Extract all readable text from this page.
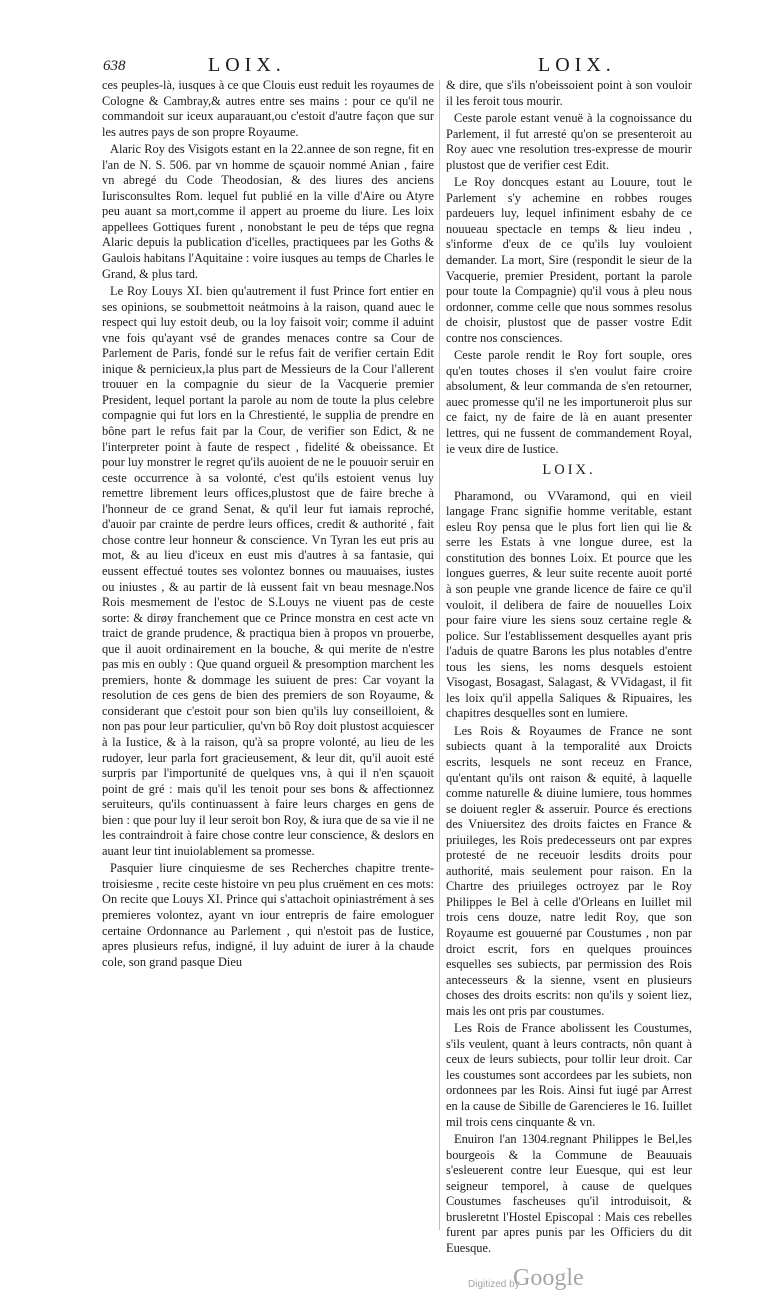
638	LOIX.	LOIX.

ces peuples-là, iusques à ce que Clouis eust reduit les royaumes de Cologne & Cambray,& autres entre ses mains : pour ce qu'il ne commandoit sur iceux auparauant,ou c'estoit d'autre façon que sur les autres pays de son propre Royaume.

Alaric Roy des Visigots estant en la 22.annee de son regne, fit en l'an de N. S. 506. par vn homme de sçauoir nommé Anian , faire vn abregé du Code Theodosian, & des liures des anciens Iurisconsultes Rom. lequel fut publié en la ville d'Aire ou Atyre peu auant sa mort,comme il appert au proeme du liure. Les loix appellees Gottiques furent , nonobstant le peu de téps que regna Alaric depuis la publication d'icelles, practiquees par les Goths & Gaulois habitans l'Aquitaine : voire iusques au temps de Charles le Grand, & plus tard.

Le Roy Louys XI. bien qu'autrement il fust Prince fort entier en ses opinions, se soubmettoit neátmoins à la raison, quand auec le respect qui luy estoit deub, ou la loy faisoit voir; comme il aduint vne fois qu'ayant vsé de grandes menaces contre sa Cour de Parlement de Paris, fondé sur le refus fait de verifier certain Edit inique & pernicieux,la plus part de Messieurs de la Cour l'allerent trouuer en la compagnie du sieur de la Vacquerie premier President, lequel portant la parole au nom de toute la plus celebre compagnie qui fut lors en la Chrestienté, le supplia de prendre en bône part le refus fait par la Cour, de verifier son Edict, & ne l'interpreter point à faute de respect , fidelité & obeissance. Et pour luy monstrer le regret qu'ils auoient de ne le pouuoir seruir en ceste occurrence à sa volonté, c'est qu'ils estoient venus luy remettre librement leurs offices,plustost que de faire breche à l'honneur de ce grand Senat, & qu'il leur fut iamais reproché, d'auoir par crainte de perdre leurs offices, credit & authorité , fait chose contre leur honneur & conscience. Vn Tyran les eut pris au mot, & au lieu d'iceux en eust mis d'autres à sa fantasie, qui eussent effectué toutes ses volontez bonnes ou mauuaises, iustes ou iniustes , & au partir de là eussent fait vn beau mesnage.Nos Rois mesmement de l'estoc de S.Louys ne viuent pas de ceste sorte: & dirøy franchement que ce Prince monstra en cest acte vn traict de grande prudence, & practiqua bien à propos vn prouerbe, que il auoit ordinairement en la bouche, & qui merite de n'estre pas mis en oubly : Que quand orgueil & presomption marchent les premiers, honte & dommage les suiuent de pres: Car voyant la resolution de ces gens de bien des premiers de son Royaume, & considerant que c'estoit pour son bien qu'ils luy conseilloient, & non pas pour leur particulier, qu'vn bô Roy doit plustost acquiescer à la Iustice, & à la raison, qu'à sa propre volonté, au lieu de les rudoyer, leur parla fort gracieusement, & leur dit, qu'il auoit esté surpris par l'importunité de quelques vns, à qui il n'en sçauoit point de gré : mais qu'il les tenoit pour ses bons & affectionnez seruiteurs, qu'ils continuassent à faire leurs charges en gens de bien : que pour luy il leur seroit bon Roy, & iura que de sa vie il ne les contraindroit à faire chose contre leur conscience, & deslors en auant leur tint inuiolablement sa promesse.

Pasquier liure cinquiesme de ses Recherches chapitre trente-troisiesme , recite ceste histoire vn peu plus cruëment en ces mots: On recite que Louys XI. Prince qui s'attachoit opiniastrément à ses premieres volontez, ayant vn iour entrepris de faire emologuer certaine Ordonnance au Parlement , qui n'estoit pas de Iustice, apres plusieurs refus, indigné, il luy aduint de iurer à la chaude cole, son grand pasque Dieu

& dire, que s'ils n'obeissoient point à son vouloir il les feroit tous mourir.

Ceste parole estant venuë à la cognoissance du Parlement, il fut arresté qu'on se presenteroit au Roy auec vne resolution tres-expresse de mourir plustost que de verifier cest Edit.

Le Roy doncques estant au Louure, tout le Parlement s'y achemine en robbes rouges pardeuers luy, lequel infiniment esbahy de ce nouueau spectacle en temps & lieu indeu , s'informe d'eux de ce qu'ils luy vouloient demander. La mort, Sire (respondit le sieur de la Vacquerie, premier President, portant la parole pour toute la Compagnie) qu'il vous à pleu nous ordonner, comme celle que nous sommes resolus de choisir, plustost que de passer vostre Edit contre nos consciences.

Ceste parole rendit le Roy fort souple, ores qu'en toutes choses il s'en voulut faire croire absolument, & leur commanda de s'en retourner, auec promesse qu'il ne les importuneroit plus sur ce faict, ny de faire de là en auant presenter lettres, qui ne fussent de commandement Royal, ie veux dire de Iustice.

LOIX.

Pharamond, ou VVaramond, qui en vieil langage Franc signifie homme veritable, estant esleu Roy pensa que le plus fort lien qui lie & serre les Estats à vne longue duree, est la constitution des bonnes Loix. Et pource que les longues guerres, & leur suite recente auoit porté à son peuple vne grande licence de faire ce qu'il vouloit, il delibera de faire de nouuelles Loix pour faire viure les siens souz certaine regle & police. Sur l'establissement desquelles ayant pris l'aduis de quatre Barons les plus notables d'entre tous les siens, les noms desquels estoient Visogast, Bosagast, Salagast, & VVidagast, il fit les loix qu'il appella Saliques & Ripuaires, les chapitres desquelles sont en lumiere.

Les Rois & Royaumes de France ne sont subiects quant à la temporalité aux Droicts escrits, lesquels ne sont receuz en France, qu'entant qu'ils ont raison & equité, à laquelle comme naturelle & diuine lumiere, tous hommes se doiuent regler & asseruir. Pource és erections des Vniuersitez des droits faictes en France & priuileges, les Rois predecesseurs ont par expres protesté de ne receuoir lesdits droits pour authorité, mais seulement pour raison. En la Chartre des priuileges octroyez par le Roy Philippes le Bel à celle d'Orleans en Iuillet mil trois cens douze, natre ledit Roy, que son Royaume est gouuerné par Coustumes , non par droict escrit, fors en quelques prouinces esquelles ses subiects, par permission des Rois antecesseurs & la sienne, vsent en plusieurs choses des droits escrits: non qu'ils y soient liez, mais les ont pris par coustumes.

Les Rois de France abolissent les Coustumes, s'ils veulent, quant à leurs contracts, nôn quant à ceux de leurs subiects, pour tollir leur droit. Car les coustumes sont accordees par les subiets, non ordonnees par les Rois. Ainsi fut iugé par Arrest en la cause de Sibille de Garencieres le 16. Iuillet mil trois cens cinquante & vn.

Enuiron l'an 1304.regnant Philippes le Bel,les bourgeois & la Commune de Beauuais s'esleuerent contre leur Euesque, qui est leur seigneur temporel, à cause de quelques Coustumes fascheuses qu'il introduisoit, & brusleretnt l'Hostel Episcopal : Mais ces rebelles furent par apres punis par les Officiers du dit Euesque.

Digitized by
Google
